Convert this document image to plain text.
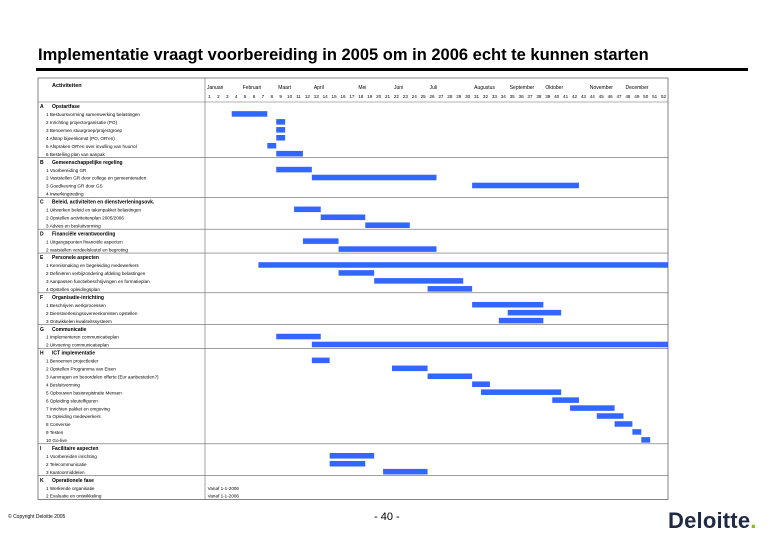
Implementatie vraagt voorbereiding in 2005 om in 2006 echt te kunnen starten
Activiteiten	Januari	Februari	Maart	April	Mei	Juni	Juli	Augustus	September Oktober	November	December
1 2 3 4 5 6 7 8 9 10 11 12 13 14 15 16 17 18 19 20 21 22 23 24 25 26 27 28 29 30 31 32 33 34 35 36 37 38 39 40 41 42 43 44 45 46 47 48 49 50 51 52
A Opstartfase
1 Bestuursvorming samenwerking belastingen
2 Inrichting projectorganisatie (PO)
3 Benoemen stuurgroep/projectgroep
4 Afstop bijeenkomst (PO, OR'en)
5 Afspraken OR'en over invulling van huurrol
6 Bestelling plan van aanpak
B Gemeenschappelijke regeling
1 Voorbereiding GR
2 Vaststellen GR door college en gemeenteraden
3 Goedkeuring GR door GS
4 Inwerkingtreding
C Beleid, activiteiten en dienstverleningsovk.
1 Uitwerken beleid en takenpakket belastingen
2 Opstellen activiteitenplan 2005/2006
3 Advies en besluitvorming
D Financiële verantwoording
1 Uitgangspunten financiële aspecten
2 vaststellen verdeelsleutel en begroting
E Personele aspecten
1 Kennismaking en begeleiding medewerkers
2 Definiëren verbijzondering afdeling belastingen
3 Aanpassen functiebeschrijvingen en formatieplan
4 Opstellen opleidingsplan
F Organisatie-inrichting
1 Beschrijven werkprocessen
2 Dienstverleningsovereenkomsten opstellen
3 Ontwikkelen kwaliteitssysteem
G Communicatie
1 Implementeren communicatieplan
2 Uitvoering communicatieplan
H ICT implementatie
1 Benoemen projectleider
2 Opstellen Programma van Eisen
3 Aanvragen en beoordelen offerte (Eur aanbesteden?)
4 Besluitvorming
5 Opbouwen basisregistratie Mensen
6 Opleiding sleutelfiguren
7 Inrichten pakket en omgeving
7a Opleiding medewerkers
8 Conversie
9 Testen
10 Go-live
I Facilitaire aspecten
1 Voorbereiden inrichting
2 Telecommunicatie
3 Kantoormiddelen
K Operationele fase
1 Werkende organisatie	Vanaf 1-1-2006
2 Evaluatie en ontwikkeling	Vanaf 1-1-2006
© Copyright Deloitte 2005	- 40 -	Deloitte.
